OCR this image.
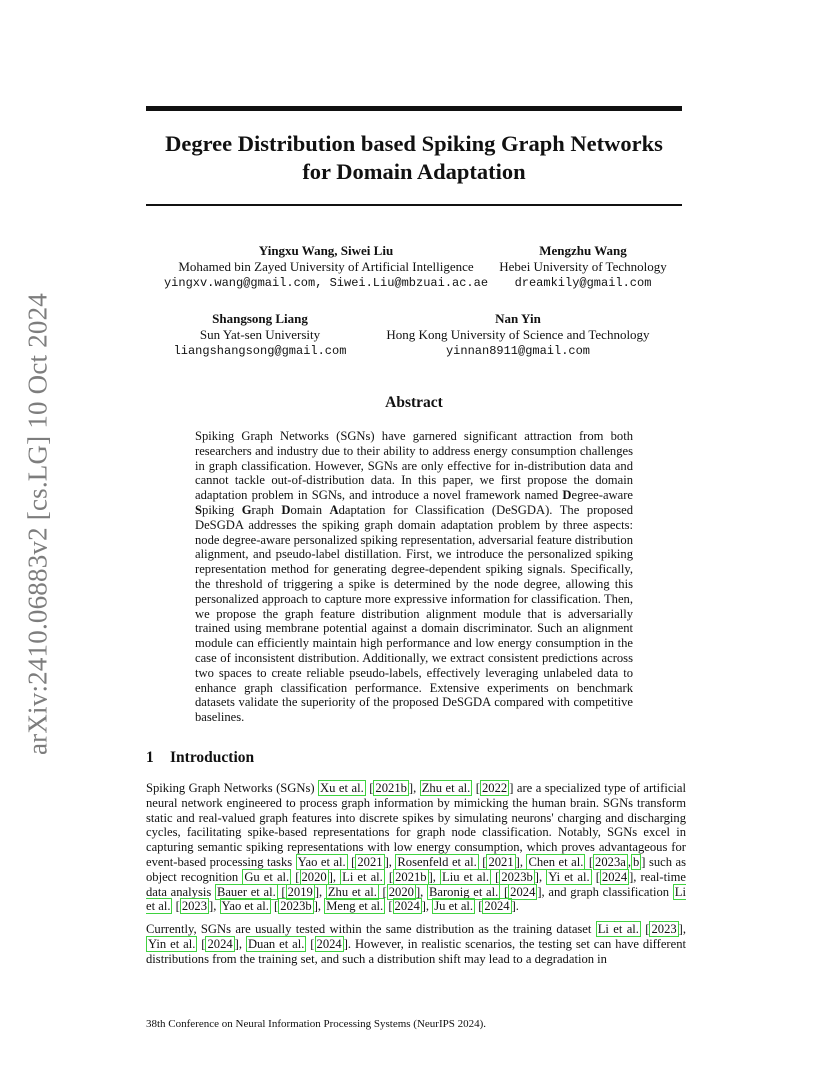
arXiv:2410.06883v2 [cs.LG] 10 Oct 2024
Degree Distribution based Spiking Graph Networks
for Domain Adaptation
Yingxu Wang, Siwei Liu
Mohamed bin Zayed University of Artificial Intelligence
yingxv.wang@gmail.com, Siwei.Liu@mbzuai.ac.ae
Mengzhu Wang
Hebei University of Technology
dreamkily@gmail.com
Shangsong Liang
Sun Yat-sen University
liangshangsong@gmail.com
Nan Yin
Hong Kong University of Science and Technology
yinnan8911@gmail.com
Abstract
Spiking Graph Networks (SGNs) have garnered significant attraction from both researchers and industry due to their ability to address energy consumption challenges in graph classification. However, SGNs are only effective for in-distribution data and cannot tackle out-of-distribution data. In this paper, we first propose the domain adaptation problem in SGNs, and introduce a novel framework named Degree-aware Spiking Graph Domain Adaptation for Classification (DeSGDA). The proposed DeSGDA addresses the spiking graph domain adaptation problem by three aspects: node degree-aware personalized spiking representation, adversarial feature distribution alignment, and pseudo-label distillation. First, we introduce the personalized spiking representation method for generating degree-dependent spiking signals. Specifically, the threshold of triggering a spike is determined by the node degree, allowing this personalized approach to capture more expressive information for classification. Then, we propose the graph feature distribution alignment module that is adversarially trained using membrane potential against a domain discriminator. Such an alignment module can efficiently maintain high performance and low energy consumption in the case of inconsistent distribution. Additionally, we extract consistent predictions across two spaces to create reliable pseudo-labels, effectively leveraging unlabeled data to enhance graph classification performance. Extensive experiments on benchmark datasets validate the superiority of the proposed DeSGDA compared with competitive baselines.
1 Introduction
Spiking Graph Networks (SGNs) Xu et al. [ 2021b ], Zhu et al. [ 2022 ] are a specialized type of artificial neural network engineered to process graph information by mimicking the human brain. SGNs transform static and real-valued graph features into discrete spikes by simulating neurons' charging and discharging cycles, facilitating spike-based representations for graph node classification. Notably, SGNs excel in capturing semantic spiking representations with low energy consumption, which proves advantageous for event-based processing tasks Yao et al. [ 2021 ], Rosenfeld et al. [ 2021 ], Chen et al. [ 2023a , b ] such as object recognition Gu et al. [ 2020 ], Li et al. [ 2021b ], Liu et al. [ 2023b ], Yi et al. [ 2024 ], real-time data analysis Bauer et al. [ 2019 ], Zhu et al. [ 2020 ], Baronig et al. [ 2024 ], and graph classification Li et al. [ 2023 ], Yao et al. [ 2023b ], Meng et al. [ 2024 ], Ju et al. [ 2024 ].
Currently, SGNs are usually tested within the same distribution as the training dataset Li et al. [ 2023 ], Yin et al. [ 2024 ], Duan et al. [ 2024 ]. However, in realistic scenarios, the testing set can have different distributions from the training set, and such a distribution shift may lead to a degradation in
38th Conference on Neural Information Processing Systems (NeurIPS 2024).
